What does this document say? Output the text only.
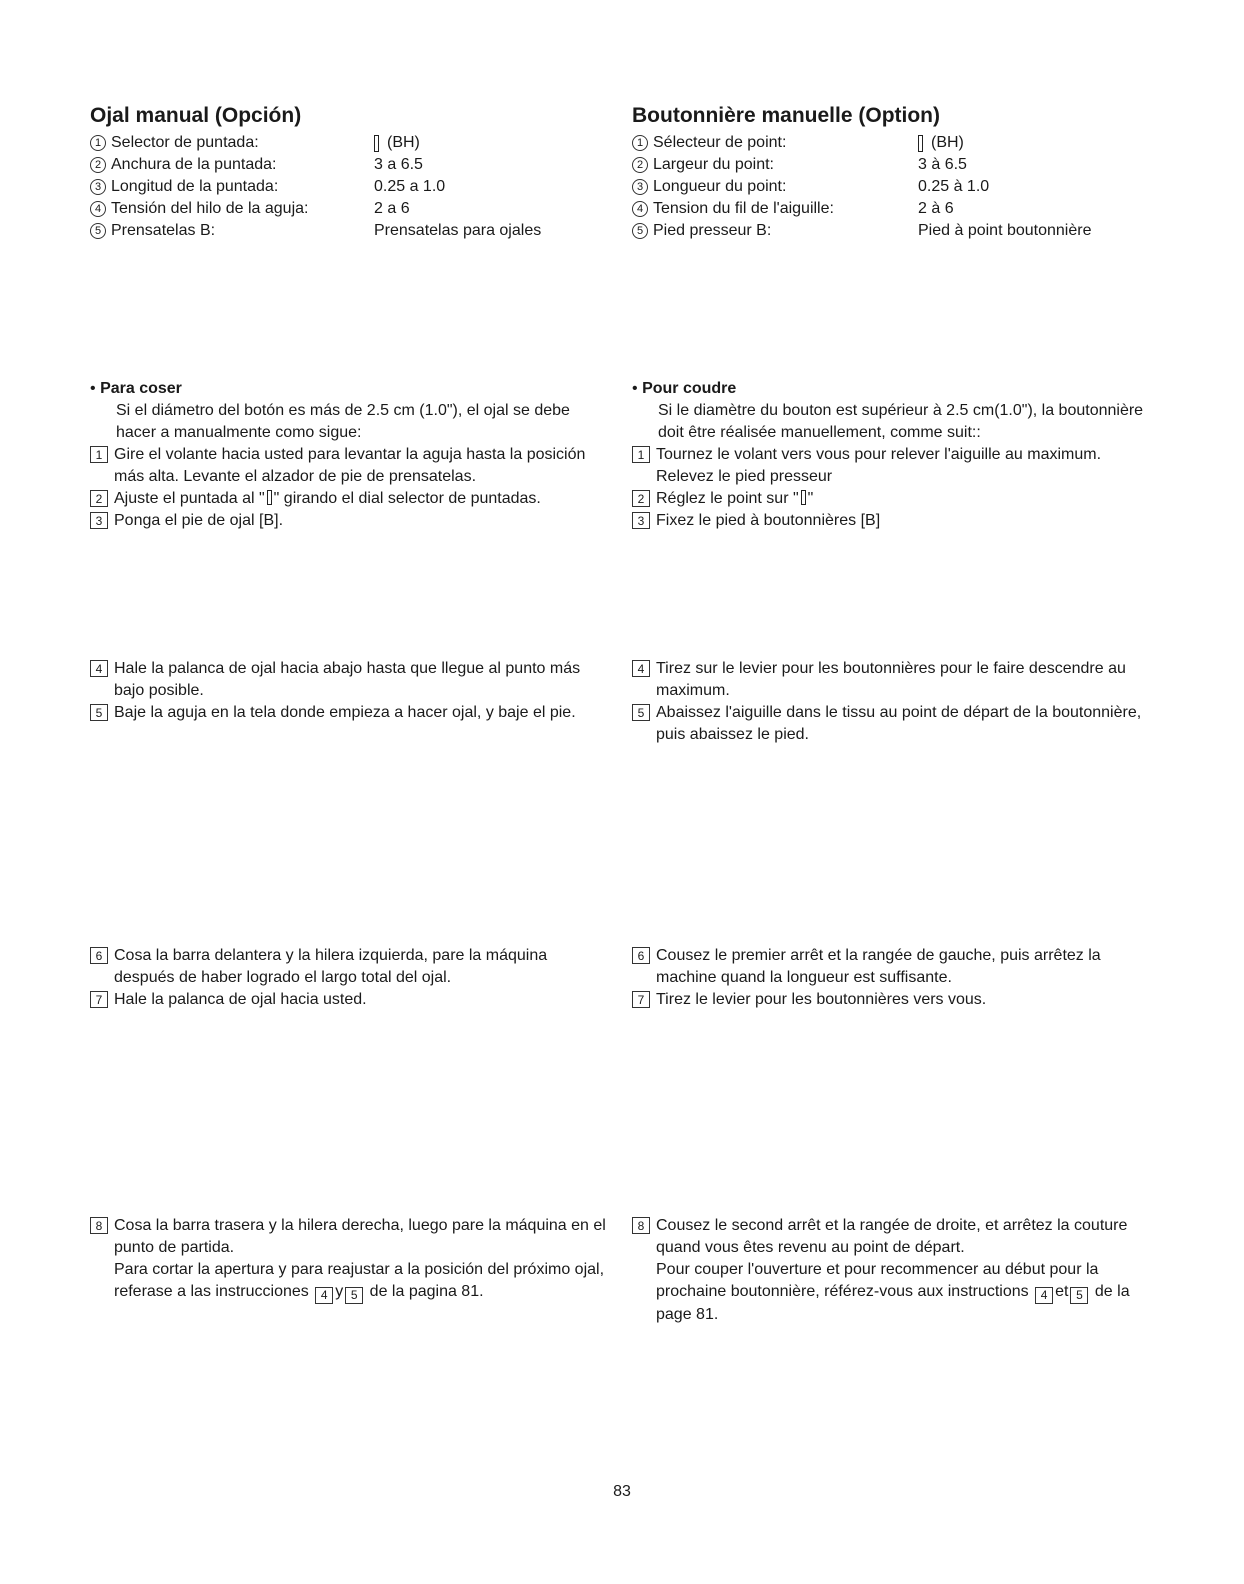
Ojal manual (Opción)
1 Selector de puntada:	(BH)
2 Anchura de la puntada:	3 a 6.5
3 Longitud de la puntada:	0.25 a 1.0
4 Tensión del hilo de la aguja:	2 a 6
5 Prensatelas B:	Prensatelas para ojales
• Para coser
Si el diámetro del botón es más de 2.5 cm (1.0"), el ojal se debe hacer a manualmente como sigue:
1 Gire el volante hacia usted para levantar la aguja hasta la posición más alta. Levante el alzador de pie de prensatelas.
2 Ajuste el puntada al " " girando el dial selector de puntadas.
3 Ponga el pie de ojal [B].
4 Hale la palanca de ojal hacia abajo hasta que llegue al punto más bajo posible.
5 Baje la aguja en la tela donde empieza a hacer ojal, y baje el pie.
6 Cosa la barra delantera y la hilera izquierda, pare la máquina después de haber logrado el largo total del ojal.
7 Hale la palanca de ojal hacia usted.
8 Cosa la barra trasera y la hilera derecha, luego pare la máquina en el punto de partida.
Para cortar la apertura y para reajustar a la posición del próximo ojal, referase a las instrucciones 4 y 5 de la pagina 81.
Boutonnière manuelle (Option)
1 Sélecteur de point:	(BH)
2 Largeur du point:	3 à 6.5
3 Longueur du point:	0.25 à 1.0
4 Tension du fil de l'aiguille:	2 à 6
5 Pied presseur B:	Pied à point boutonnière
• Pour coudre
Si le diamètre du bouton est supérieur à 2.5 cm(1.0"), la boutonnière doit être réalisée manuellement, comme suit::
1 Tournez le volant vers vous pour relever l'aiguille au maximum. Relevez le pied presseur
2 Réglez le point sur " "
3 Fixez le pied à boutonnières [B]
4 Tirez sur le levier pour les boutonnières pour le faire descendre au maximum.
5 Abaissez l'aiguille dans le tissu au point de départ de la boutonnière, puis abaissez le pied.
6 Cousez le premier arrêt et la rangée de gauche, puis arrêtez la machine quand la longueur est suffisante.
7 Tirez le levier pour les boutonnières vers vous.
8 Cousez le second arrêt et la rangée de droite, et arrêtez la couture quand vous êtes revenu au point de départ.
Pour couper l'ouverture et pour recommencer au début pour la prochaine boutonnière, référez-vous aux instructions 4 et 5 de la page 81.
83
